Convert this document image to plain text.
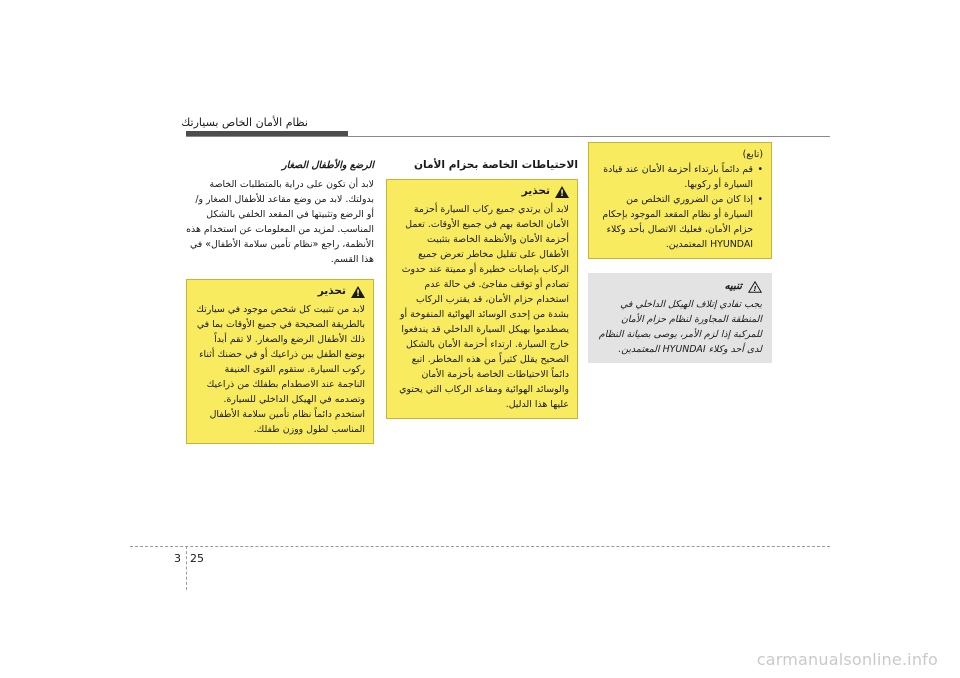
نظام الأمان الخاص بسيارتك
الرضع والأطفال الصغار
لابد أن تكون على دراية بالمتطلبات الخاصة بدولتك. لابد من وضع مقاعد للأطفال الصغار و/ أو الرضع وتثبيتها في المقعد الخلفي بالشكل المناسب. لمزيد من المعلومات عن استخدام هذه الأنظمة، راجع «نظام تأمين سلامة الأطفال» في هذا القسم.
!
تحذير
لابد من تثبيت كل شخص موجود في سيارتك بالطريقة الصحيحة في جميع الأوقات بما في ذلك الأطفال الرضع والصغار. لا تقم أبداً بوضع الطفل بين ذراعيك أو في حضنك أثناء ركوب السيارة. ستقوم القوى العنيفة الناجمة عند الاصطدام بطفلك من ذراعيك وتصدمه في الهيكل الداخلي للسيارة. استخدم دائماً نظام تأمين سلامة الأطفال المناسب لطول ووزن طفلك.
الاحتياطات الخاصة بحزام الأمان
!
تحذير
لابد أن يرتدي جميع ركاب السيارة أحزمة الأمان الخاصة بهم في جميع الأوقات. تعمل أحزمة الأمان والأنظمة الخاصة بتثبيت الأطفال على تقليل مخاطر تعرض جميع الركاب بإصابات خطيرة أو مميتة عند حدوث تصادم أو توقف مفاجئ. في حالة عدم استخدام حزام الأمان، قد يقترب الركاب بشدة من إحدى الوسائد الهوائية المنفوخة أو يصطدموا بهيكل السيارة الداخلي قد يندفعوا خارج السيارة. ارتداء أحزمة الأمان بالشكل الصحيح يقلل كثيراً من هذه المخاطر. اتبع دائماً الاحتياطات الخاصة بأحزمة الأمان والوسائد الهوائية ومقاعد الركاب التي يحتوي عليها هذا الدليل.
(تابع)
• قم دائماً بارتداء أحزمة الأمان عند قيادة السيارة أو ركوبها.
• إذا كان من الضروري التخلص من السيارة أو نظام المقعد الموجود بإحكام حزام الأمان، فعليك الاتصال بأحد وكلاء HYUNDAI المعتمدين.
!
تنبيه
يجب تفادي إتلاف الهيكل الداخلي في المنطقة المجاورة لنظام حزام الأمان للمركبة إذا لزم الأمر، يوصى بصيانة النظام لدى أحد وكلاء HYUNDAI المعتمدين.
3 25
carmanualsonline.info
